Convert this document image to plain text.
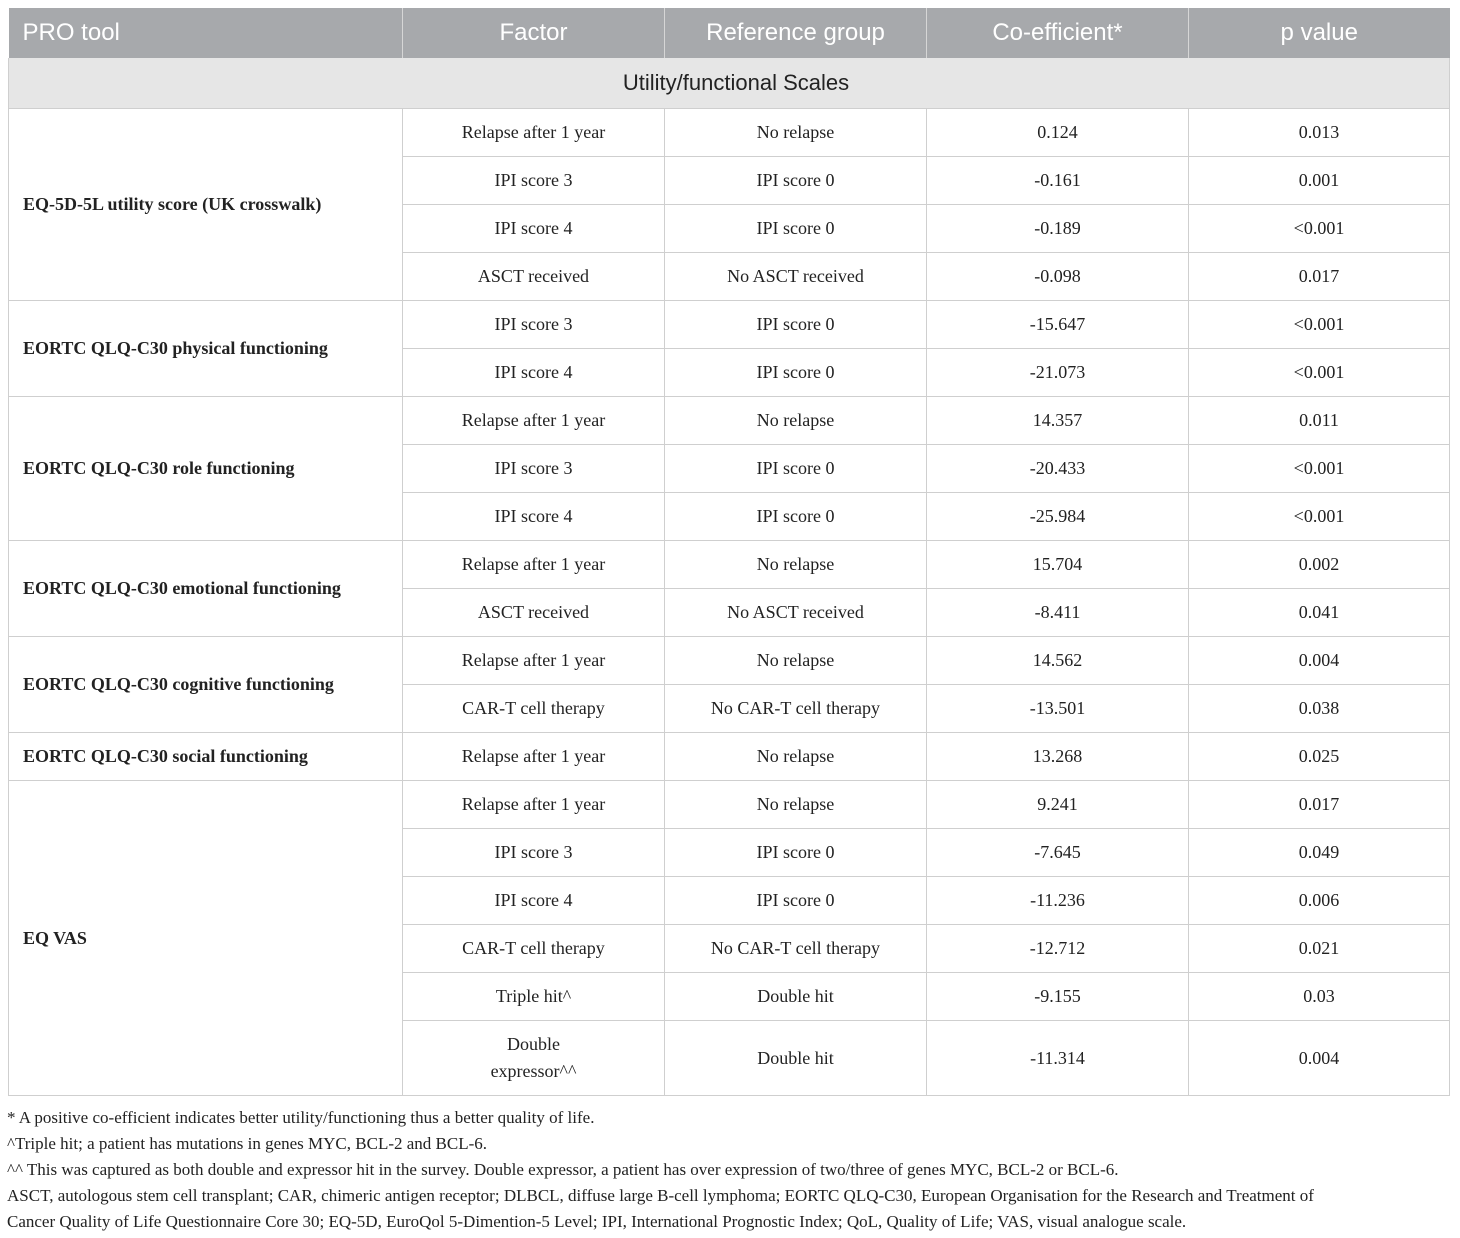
PRO tool	Factor	Reference group	Co-efficient*	p value
Utility/functional Scales				
EQ-5D-5L utility score (UK crosswalk)	Relapse after 1 year	No relapse	0.124	0.013
	IPI score 3	IPI score 0	-0.161	0.001
	IPI score 4	IPI score 0	-0.189	<0.001
	ASCT received	No ASCT received	-0.098	0.017
EORTC QLQ-C30 physical functioning	IPI score 3	IPI score 0	-15.647	<0.001
	IPI score 4	IPI score 0	-21.073	<0.001
EORTC QLQ-C30 role functioning	Relapse after 1 year	No relapse	14.357	0.011
	IPI score 3	IPI score 0	-20.433	<0.001
	IPI score 4	IPI score 0	-25.984	<0.001
EORTC QLQ-C30 emotional functioning	Relapse after 1 year	No relapse	15.704	0.002
	ASCT received	No ASCT received	-8.411	0.041
EORTC QLQ-C30 cognitive functioning	Relapse after 1 year	No relapse	14.562	0.004
	CAR-T cell therapy	No CAR-T cell therapy	-13.501	0.038
EORTC QLQ-C30 social functioning	Relapse after 1 year	No relapse	13.268	0.025
EQ VAS	Relapse after 1 year	No relapse	9.241	0.017
	IPI score 3	IPI score 0	-7.645	0.049
	IPI score 4	IPI score 0	-11.236	0.006
	CAR-T cell therapy	No CAR-T cell therapy	-12.712	0.021
	Triple hit^	Double hit	-9.155	0.03
	Double expressor^^	Double hit	-11.314	0.004
* A positive co-efficient indicates better utility/functioning thus a better quality of life.
^Triple hit; a patient has mutations in genes MYC, BCL-2 and BCL-6.
^^ This was captured as both double and expressor hit in the survey. Double expressor, a patient has over expression of two/three of genes MYC, BCL-2 or BCL-6.
ASCT, autologous stem cell transplant; CAR, chimeric antigen receptor; DLBCL, diffuse large B-cell lymphoma; EORTC QLQ-C30, European Organisation for the Research and Treatment of
Cancer Quality of Life Questionnaire Core 30; EQ-5D, EuroQol 5-Dimention-5 Level; IPI, International Prognostic Index; QoL, Quality of Life; VAS, visual analogue scale.
